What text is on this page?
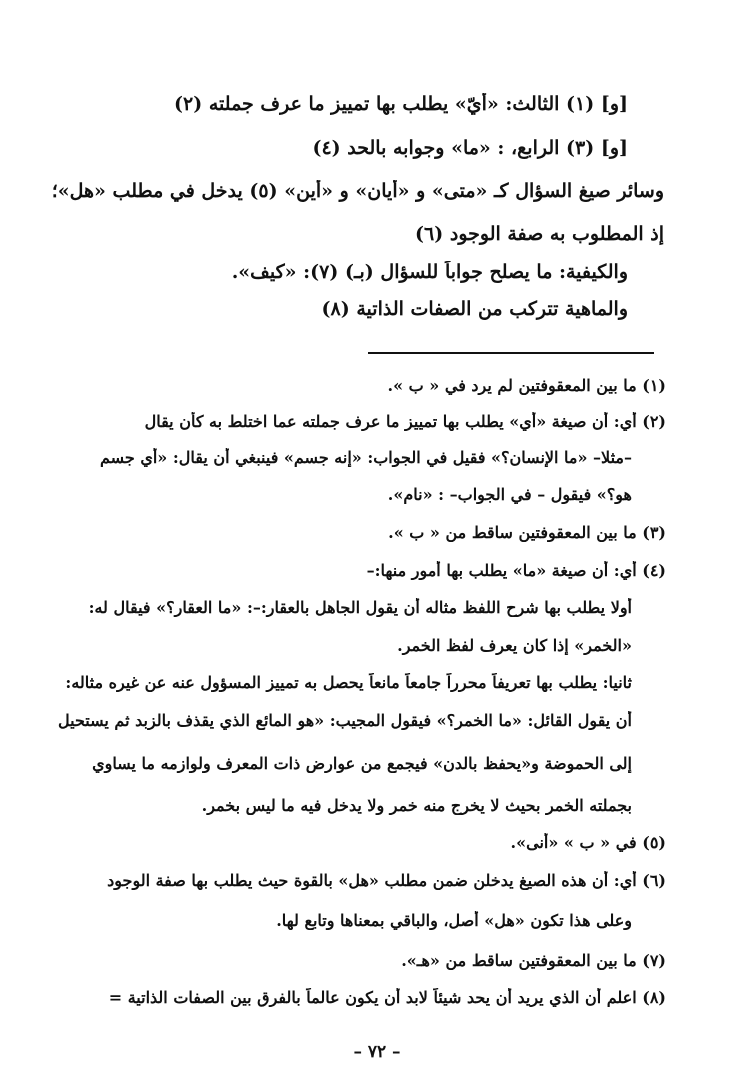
[و] (١) الثالث: «أيّ» يطلب بها تمييز ما عرف جملته (٢)
[و] (٣) الرابع، : «ما» وجوابه بالحد (٤)
وسائر صيغ السؤال كـ «متى» و «أيان» و «أين» (٥) يدخل في مطلب «هل»؛
إذ المطلوب به صفة الوجود (٦)
والكيفية: ما يصلح جواباً للسؤال (بـ) (٧): «كيف».
والماهية تتركب من الصفات الذاتية (٨)
(١) ما بين المعقوفتين لم يرد في « ب ».
(٢) أي: أن صيغة «أي» يطلب بها تمييز ما عرف جملته عما اختلط به كأن يقال
–مثلا– «ما الإنسان؟» فقيل في الجواب: «إنه جسم» فينبغي أن يقال: «أي جسم
هو؟» فيقول – في الجواب– : «نام».
(٣) ما بين المعقوفتين ساقط من « ب ».
(٤) أي: أن صيغة «ما» يطلب بها أمور منها:–
أولا يطلب بها شرح اللفظ مثاله أن يقول الجاهل بالعقار:–: «ما العقار؟» فيقال له:
«الخمر» إذا كان يعرف لفظ الخمر.
ثانيا: يطلب بها تعريفاً محرراً جامعاً مانعاً يحصل به تمييز المسؤول عنه عن غيره مثاله:
أن يقول القائل: «ما الخمر؟» فيقول المجيب: «هو المائع الذي يقذف بالزبد ثم يستحيل
إلى الحموضة و«يحفظ بالدن» فيجمع من عوارض ذات المعرف ولوازمه ما يساوي
بجملته الخمر بحيث لا يخرج منه خمر ولا يدخل فيه ما ليس بخمر.
(٥) في « ب » «أنى».
(٦) أي: أن هذه الصيغ يدخلن ضمن مطلب «هل» بالقوة حيث يطلب بها صفة الوجود
وعلى هذا تكون «هل» أصل، والباقي بمعناها وتابع لها.
(٧) ما بين المعقوفتين ساقط من «هـ».
(٨) اعلم أن الذي يريد أن يحد شيئاً لابد أن يكون عالماً بالفرق بين الصفات الذاتية =
– ٧٢ –
